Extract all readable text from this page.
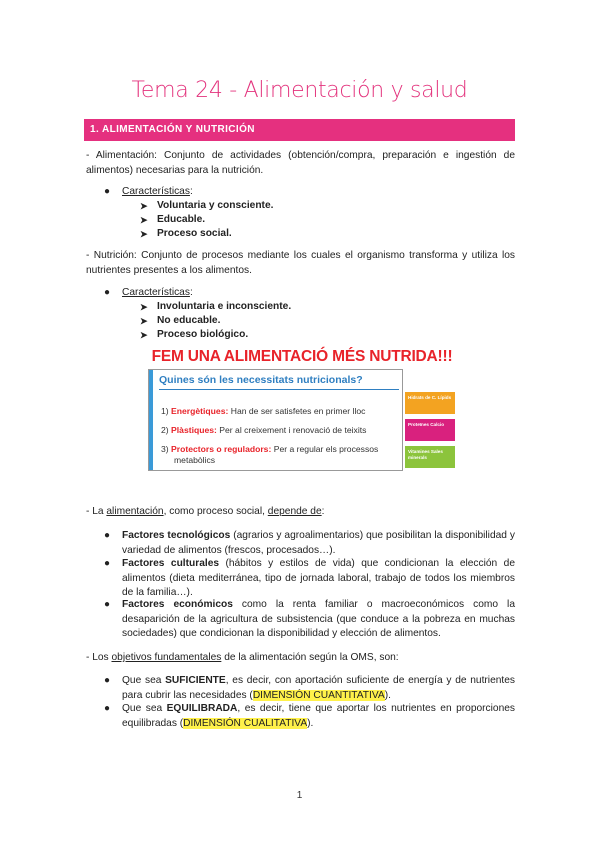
Tema 24 - Alimentación y salud
1. ALIMENTACIÓN Y NUTRICIÓN
- Alimentación: Conjunto de actividades (obtención/compra, preparación e ingestión de alimentos) necesarias para la nutrición.
●	Características:
➤ Voluntaria y consciente .
➤ Educable .
➤ Proceso social .
- Nutrición: Conjunto de procesos mediante los cuales el organismo transforma y utiliza los nutrientes presentes a los alimentos.
●	Características:
➤ Involuntaria e inconsciente .
➤ No educable .
➤ Proceso biológico .
FEM UNA ALIMENTACIÓ MÉS NUTRIDA!!!
Quines són les necessitats nutricionals?
1) Energètiques: Han de ser satisfetes en primer lloc
2) Plàstiques: Per al creixement i renovació de teixits
3) Protectors o reguladors: Per a regular els processos
metabòlics
Hidrats de C. Lípids
Proteïnes Calcio
Vitamines Sales minerals
- La alimentación, como proceso social, depende de:
●	Factores tecnológicos (agrarios y agroalimentarios) que posibilitan la disponibilidad y variedad de alimentos (frescos, procesados…).
●	Factores culturales (hábitos y estilos de vida) que condicionan la elección de alimentos (dieta mediterránea, tipo de jornada laboral, trabajo de todos los miembros de la familia…).
●	Factores económicos como la renta familiar o macroeconómicos como la desaparición de la agricultura de subsistencia (que conduce a la pobreza en muchas sociedades) que condicionan la disponibilidad y elección de alimentos.
- Los objetivos fundamentales de la alimentación según la OMS, son:
●	Que sea SUFICIENTE, es decir, con aportación suficiente de energía y de nutrientes para cubrir las necesidades (DIMENSIÓN CUANTITATIVA).
●	Que sea EQUILIBRADA, es decir, tiene que aportar los nutrientes en proporciones equilibradas (DIMENSIÓN CUALITATIVA).
1
